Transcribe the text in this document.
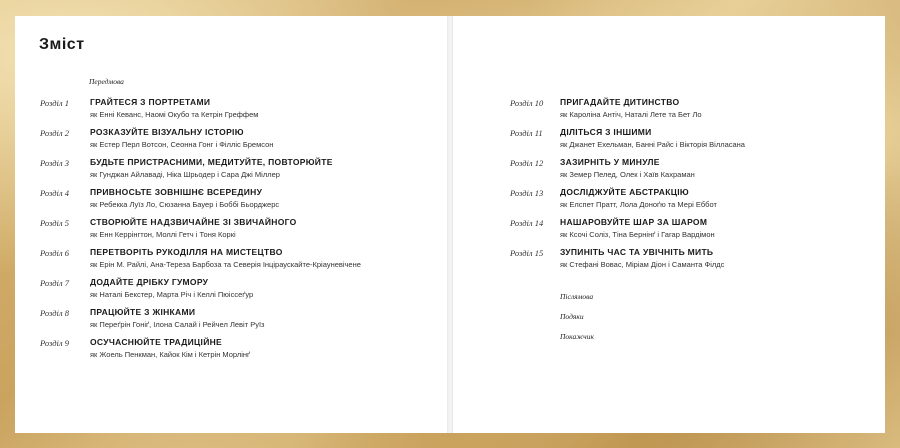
Зміст
Передмова
Розділ 1	ГРАЙТЕСЯ З ПОРТРЕТАМИ
як Енні Кеванс, Наомі Окубо та Кетрін Греффем
Розділ 2	РОЗКАЗУЙТЕ ВІЗУАЛЬНУ ІСТОРІЮ
як Естер Перл Вотсон, Сеонна Гонг і Філліс Бремсон
Розділ 3	БУДЬТЕ ПРИСТРАСНИМИ, МЕДИТУЙТЕ, ПОВТОРЮЙТЕ
як Гунджан Айлаваді, Ніка Шрьодер і Сара Джі Міллер
Розділ 4	ПРИВНОСЬТЕ ЗОВНІШНЄ ВСЕРЕДИНУ
як Ребекка Луїз Ло, Сюзанна Бауер і Боббі Бьорджерс
Розділ 5	СТВОРЮЙТЕ НАДЗВИЧАЙНЕ ЗІ ЗВИЧАЙНОГО
як Енн Керрінгтон, Моллі Гетч і Тоня Коркі
Розділ 6	ПЕРЕТВОРІТЬ РУКОДІЛЛЯ НА МИСТЕЦТВО
як Ерін М. Райлі, Ана-Тереза Барбоза та Северія Інціраускайте-Кріауневічене
Розділ 7	ДОДАЙТЕ ДРІБКУ ГУМОРУ
як Наталі Бекстер, Марта Річ і Келлі Пюіссеґур
Розділ 8	ПРАЦЮЙТЕ З ЖІНКАМИ
як Переґрін Гоніґ, Ілона Салай і Рейчел Левіт Руїз
Розділ 9	ОСУЧАСНЮЙТЕ ТРАДИЦІЙНЕ
як Жоель Пенкман, Кайок Кім і Кетрін Морлінґ
Розділ 10	ПРИГАДАЙТЕ ДИТИНСТВО
як Кароліна Антіч, Наталі Лете та Бет Ло
Розділ 11	ДІЛІТЬСЯ З ІНШИМИ
як Джанет Ехельман, Банні Райс і Вікторія Вілласана
Розділ 12	ЗАЗИРНІТЬ У МИНУЛЕ
як Земер Пелед, Олек і Хаїв Кахраман
Розділ 13	ДОСЛІДЖУЙТЕ АБСТРАКЦІЮ
як Елспет Пратт, Лола Доноґю та Мері Еббот
Розділ 14	НАШАРОВУЙТЕ ШАР ЗА ШАРОМ
як Ксочі Соліз, Тіна Бернінґ і Гагар Вардімон
Розділ 15	ЗУПИНІТЬ ЧАС ТА УВІЧНІТЬ МИТЬ
як Стефані Вовас, Міріам Діон і Саманта Філдс
Післямова
Подяки
Покажчик
